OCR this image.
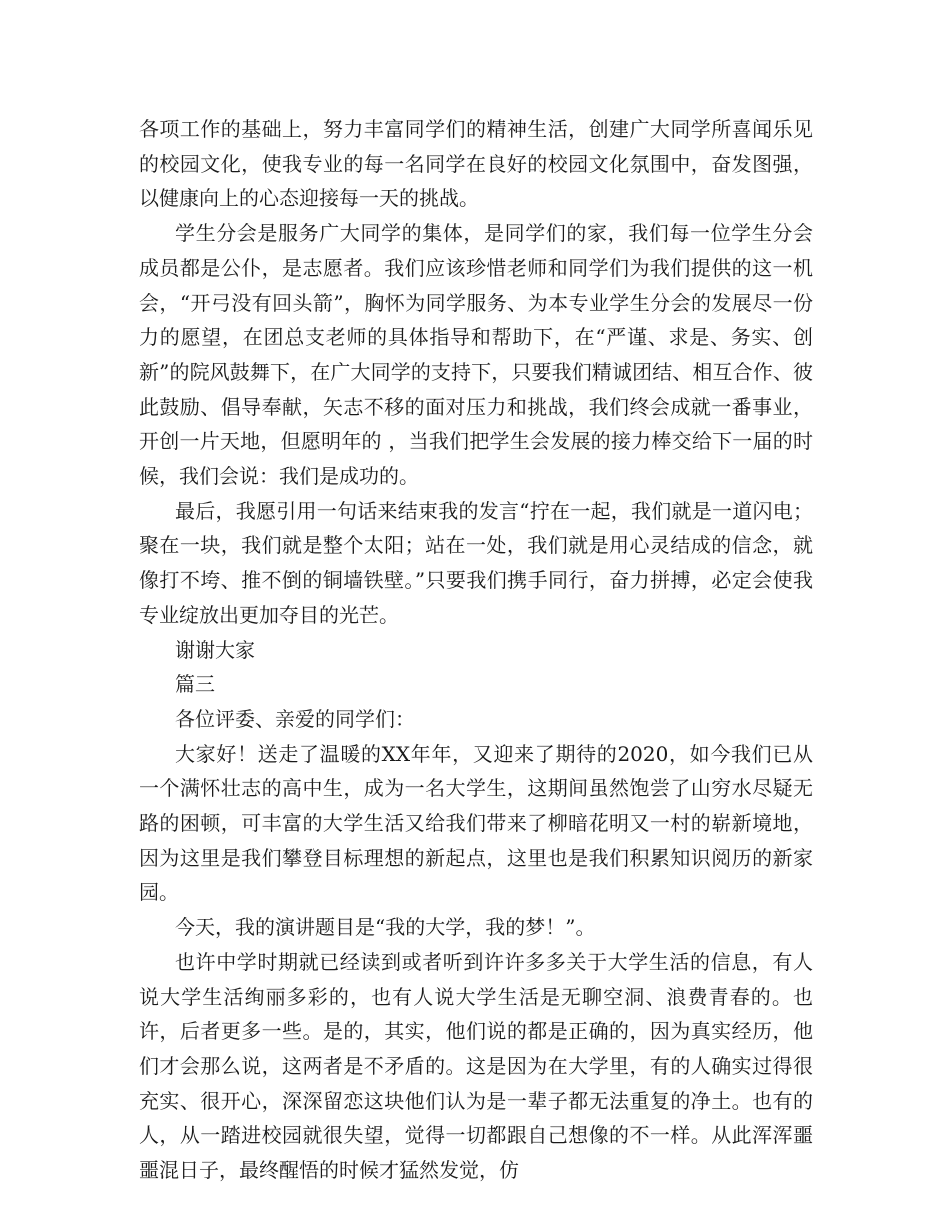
各项工作的基础上，努力丰富同学们的精神生活，创建广大同学所喜闻乐见的校园文化，使我专业的每一名同学在良好的校园文化氛围中，奋发图强，以健康向上的心态迎接每一天的挑战。

学生分会是服务广大同学的集体，是同学们的家，我们每一位学生分会成员都是公仆，是志愿者。我们应该珍惜老师和同学们为我们提供的这一机会，“开弓没有回头箭”，胸怀为同学服务、为本专业学生分会的发展尽一份力的愿望，在团总支老师的具体指导和帮助下，在“严谨、求是、务实、创新”的院风鼓舞下，在广大同学的支持下，只要我们精诚团结、相互合作、彼此鼓励、倡导奉献，矢志不移的面对压力和挑战，我们终会成就一番事业，开创一片天地，但愿明年的 ，当我们把学生会发展的接力棒交给下一届的时候，我们会说：我们是成功的。

最后，我愿引用一句话来结束我的发言“拧在一起，我们就是一道闪电；聚在一块，我们就是整个太阳；站在一处，我们就是用心灵结成的信念，就像打不垮、推不倒的铜墙铁壁。”只要我们携手同行，奋力拼搏，必定会使我专业绽放出更加夺目的光芒。

谢谢大家

篇三

各位评委、亲爱的同学们：

大家好！送走了温暖的XX年年，又迎来了期待的2020，如今我们已从一个满怀壮志的高中生，成为一名大学生，这期间虽然饱尝了山穷水尽疑无路的困顿，可丰富的大学生活又给我们带来了柳暗花明又一村的崭新境地，因为这里是我们攀登目标理想的新起点，这里也是我们积累知识阅历的新家园。

今天，我的演讲题目是“我的大学，我的梦！”。

也许中学时期就已经读到或者听到许许多多关于大学生活的信息，有人说大学生活绚丽多彩的，也有人说大学生活是无聊空洞、浪费青春的。也许，后者更多一些。是的，其实，他们说的都是正确的，因为真实经历，他们才会那么说，这两者是不矛盾的。这是因为在大学里，有的人确实过得很充实、很开心，深深留恋这块他们认为是一辈子都无法重复的净土。也有的人，从一踏进校园就很失望，觉得一切都跟自己想像的不一样。从此浑浑噩噩混日子，最终醒悟的时候才猛然发觉，仿
